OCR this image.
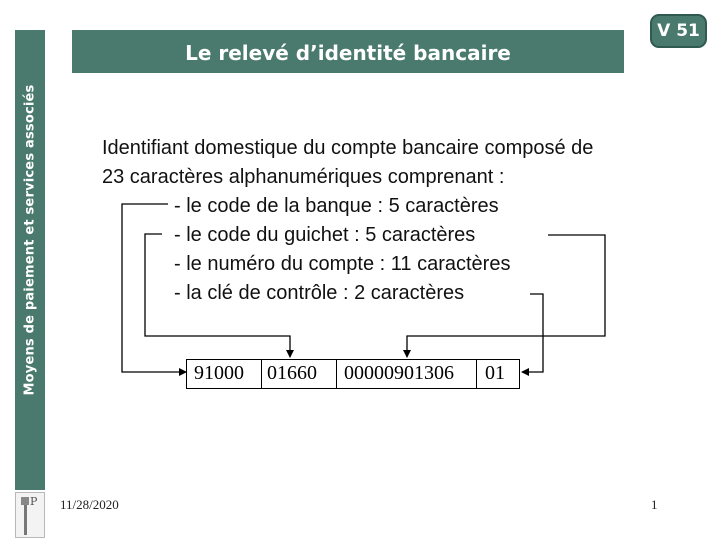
Moyens de paiement et services associés
P
Le relevé d’identité bancaire
V 51
Identifiant domestique du compte bancaire composé de
23 caractères alphanumériques comprenant :
- le code de la banque : 5 caractères
- le code du guichet : 5 caractères
- le numéro du compte : 11 caractères
- la clé de contrôle : 2 caractères
91000 01660 00000901306 01
11/28/2020	1
